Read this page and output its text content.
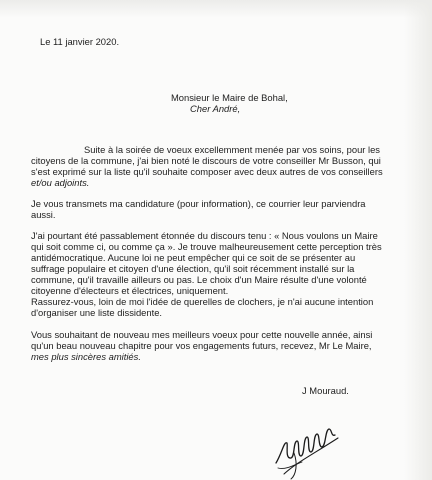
Le 11 janvier 2020.

Monsieur le Maire de Bohal,

Cher André,

Suite à la soirée de voeux excellemment menée par vos soins, pour les

citoyens de la commune, j'ai bien noté le discours de votre conseiller Mr Busson, qui

s'est exprimé sur la liste qu'il souhaite composer avec deux autres de vos conseillers

et/ou adjoints.

Je vous transmets ma candidature (pour information), ce courrier leur parviendra

aussi.

J'ai pourtant été passablement étonnée du discours tenu : « Nous voulons un Maire

qui soit comme ci, ou comme ça ». Je trouve malheureusement cette perception très

antidémocratique. Aucune loi ne peut empêcher qui ce soit de se présenter au

suffrage populaire et citoyen d'une élection, qu'il soit récemment installé sur la

commune, qu'il travaille ailleurs ou pas. Le choix d'un Maire résulte d'une volonté

citoyenne d'électeurs et électrices, uniquement.

Rassurez-vous, loin de moi l'idée de querelles de clochers, je n'ai aucune intention

d'organiser une liste dissidente.

Vous souhaitant de nouveau mes meilleurs voeux pour cette nouvelle année, ainsi

qu'un beau nouveau chapitre pour vos engagements futurs, recevez, Mr Le Maire,

mes plus sincères amitiés.

J Mouraud.
